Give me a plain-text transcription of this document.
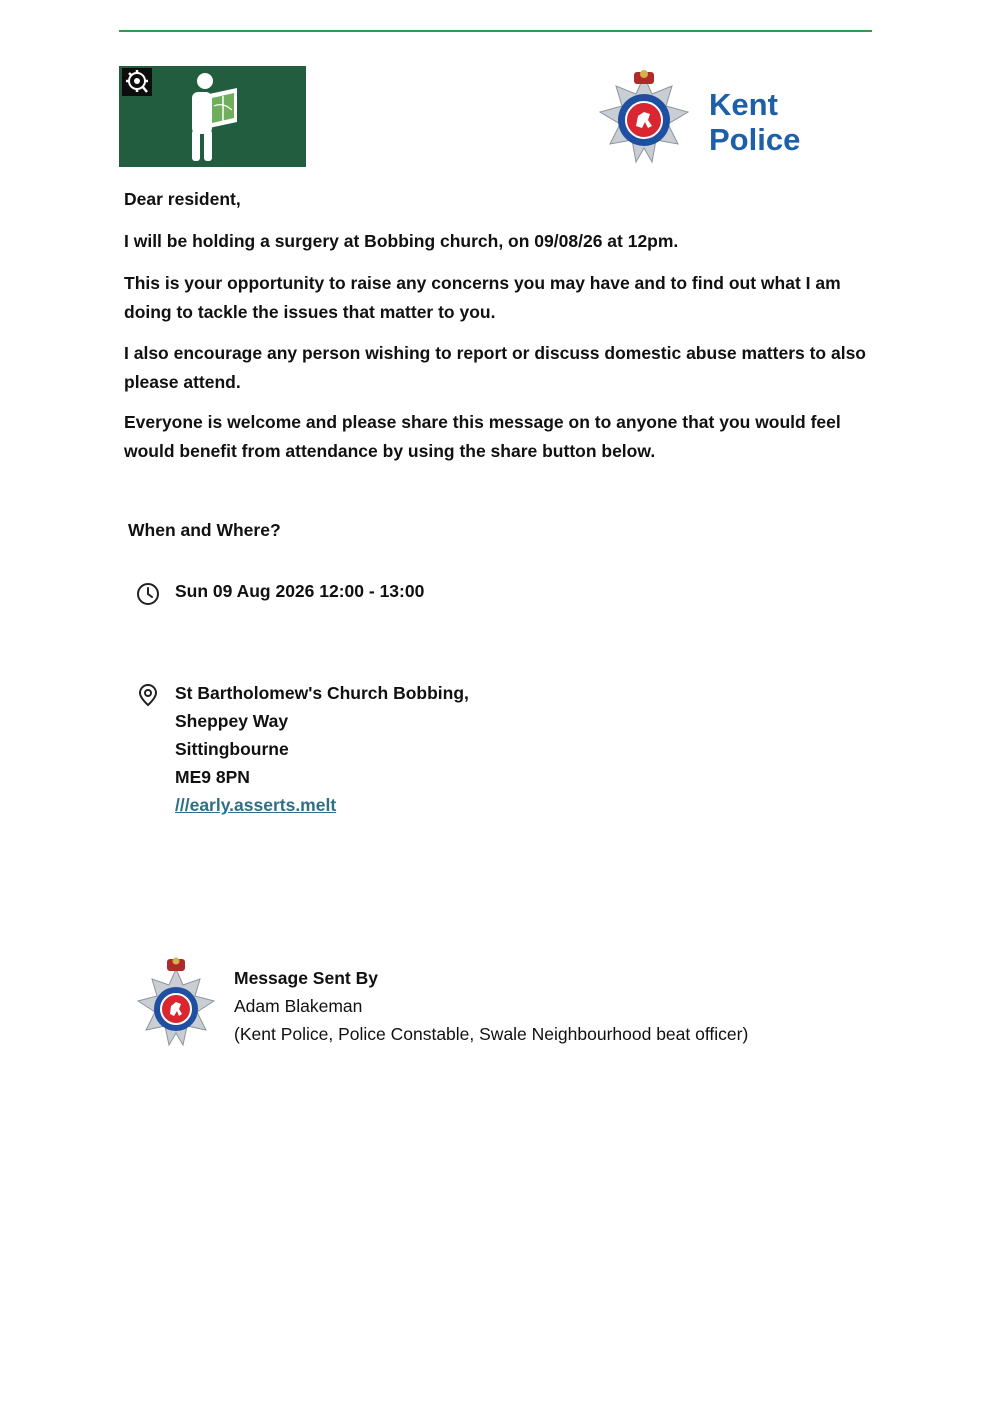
Kent
Police
Dear resident,
I will be holding a surgery at Bobbing church, on 09/08/26 at 12pm.
This is your opportunity to raise any concerns you may have and to find out what I am doing to tackle the issues that matter to you.
I also encourage any person wishing to report or discuss domestic abuse matters to also please attend.
Everyone is welcome and please share this message on to anyone that you would feel would benefit from attendance by using the share button below.
When and Where?
Sun 09 Aug 2026 12:00 - 13:00
St Bartholomew's Church Bobbing,
Sheppey Way
Sittingbourne
ME9 8PN
///early.asserts.melt
Message Sent By
Adam Blakeman
(Kent Police, Police Constable, Swale Neighbourhood beat officer)
